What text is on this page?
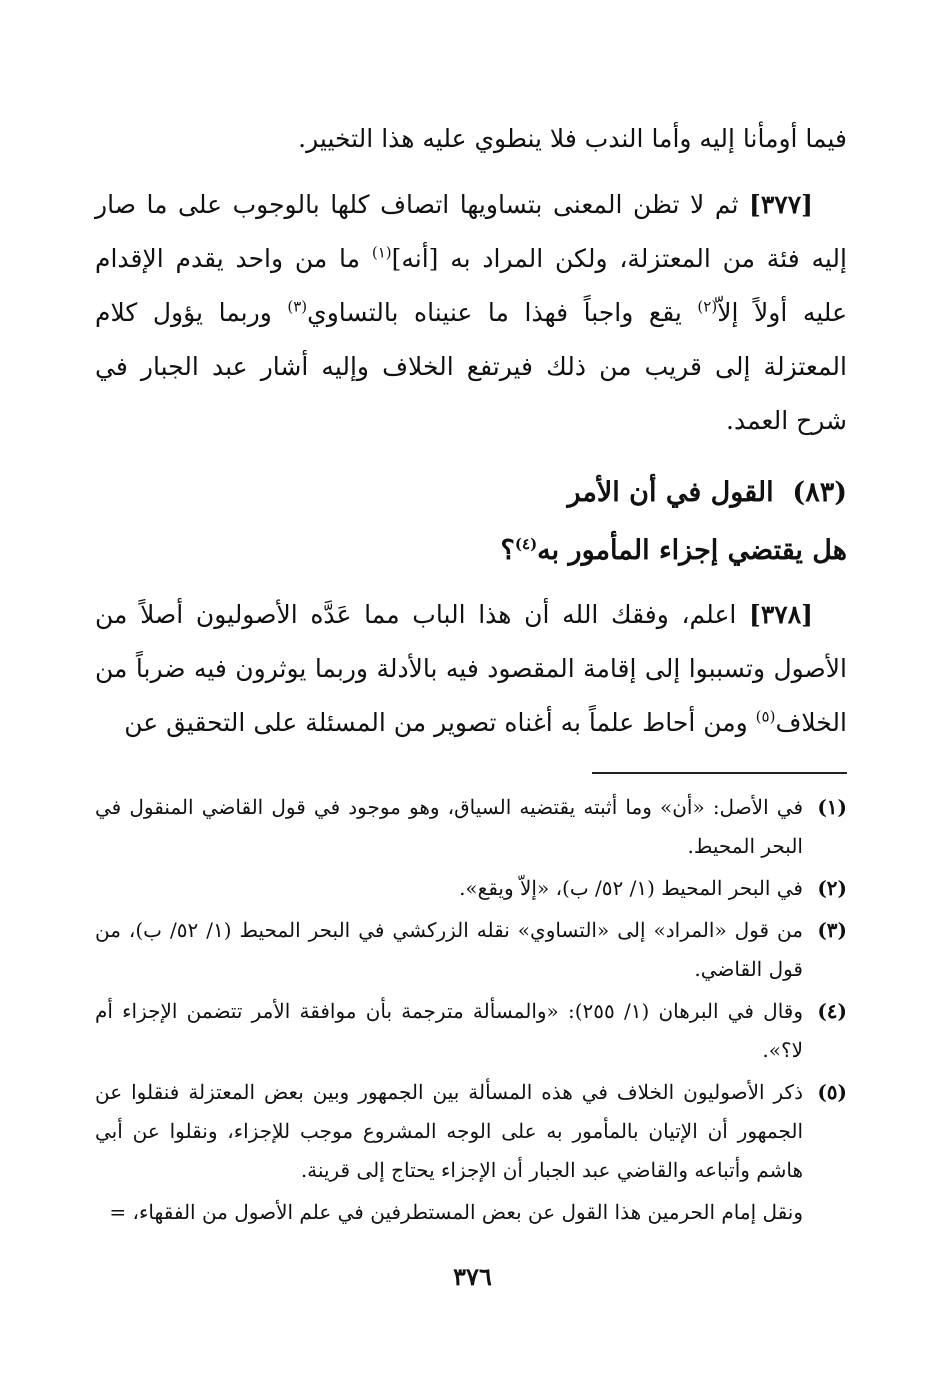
فيما أومأنا إليه وأما الندب فلا ينطوي عليه هذا التخيير.

[٣٧٧] ثم لا تظن المعنى بتساويها اتصاف كلها بالوجوب على ما صار إليه فئة من المعتزلة، ولكن المراد به [أنه]$^{(١)}$ ما من واحد يقدم الإقدام عليه أولاً إلاّ$^{(٢)}$ يقع واجباً فهذا ما عنيناه بالتساوي$^{(٣)}$ وربما يؤول كلام المعتزلة إلى قريب من ذلك فيرتفع الخلاف وإليه أشار عبد الجبار في شرح العمد.

(٨٣)  القول في أن الأمر

هل يقتضي إجزاء المأمور به$^{(٤)}$؟

[٣٧٨] اعلم، وفقك الله أن هذا الباب مما عَدَّه الأصوليون أصلاً من الأصول وتسببوا إلى إقامة المقصود فيه بالأدلة وربما يوثرون فيه ضرباً من الخلاف$^{(٥)}$ ومن أحاط علماً به أغناه تصوير من المسئلة على التحقيق عن

(١)
في الأصل: «أن» وما أثبته يقتضيه السياق، وهو موجود في قول القاضي المنقول في البحر المحيط.
(٢)
في البحر المحيط (١/ ٥٢/ ب)، «إلاّ ويقع».
(٣)
من قول «المراد» إلى «التساوي» نقله الزركشي في البحر المحيط (١/ ٥٢/ ب)، من قول القاضي.
(٤)
وقال في البرهان (١/ ٢٥٥): «والمسألة مترجمة بأن موافقة الأمر تتضمن الإجزاء أم لا؟».
(٥)
ذكر الأصوليون الخلاف في هذه المسألة بين الجمهور وبين بعض المعتزلة فنقلوا عن الجمهور أن الإتيان بالمأمور به على الوجه المشروع موجب للإجزاء، ونقلوا عن أبي هاشم وأتباعه والقاضي عبد الجبار أن الإجزاء يحتاج إلى قرينة.
ونقل إمام الحرمين هذا القول عن بعض المستطرفين في علم الأصول من الفقهاء، =
٣٧٦
